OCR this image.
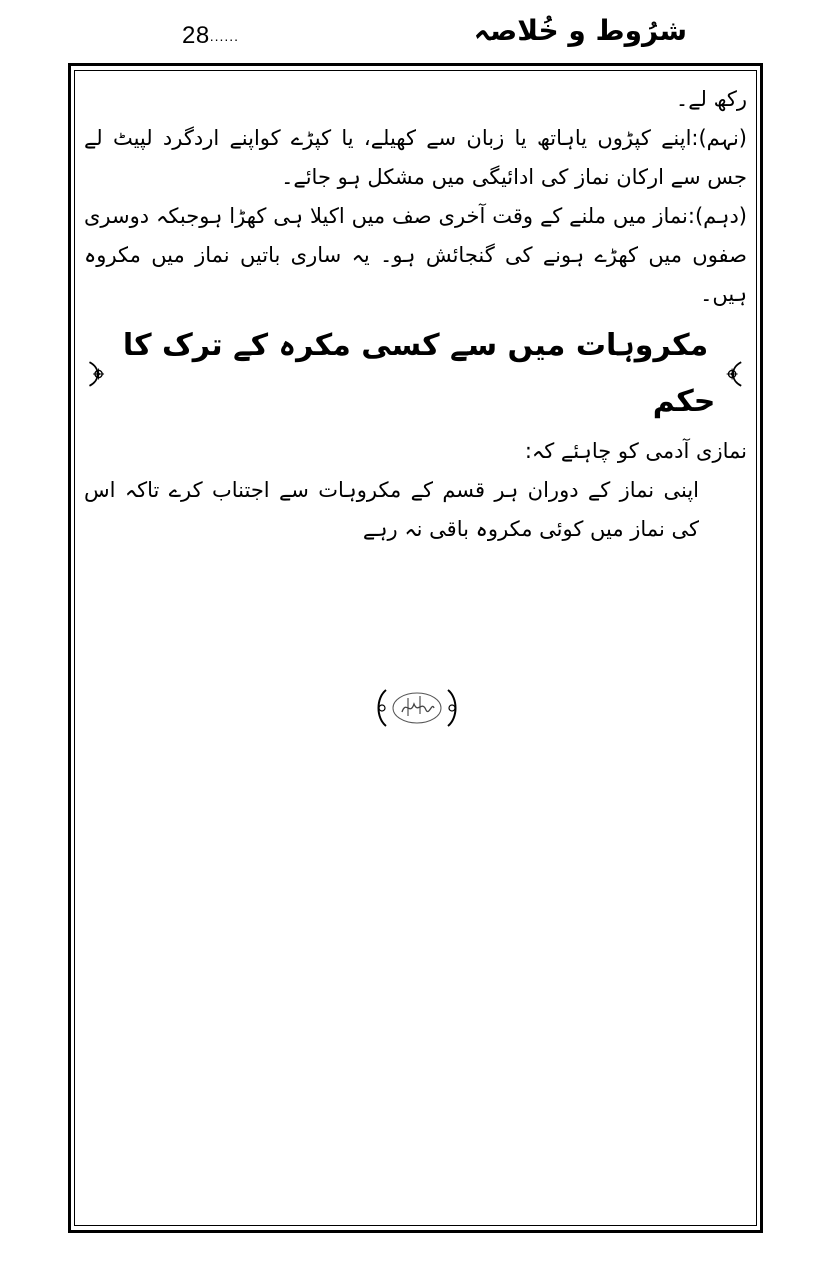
28......	شرُوط و خُلاصہ

رکھ لے۔

(نہم):اپنے کپڑوں یاہاتھ یا زبان سے کھیلے، یا کپڑے کواپنے اردگرد لپیٹ لے جس سے ارکان نماز کی ادائیگی میں مشکل ہو جائے۔

(دہم):نماز میں ملنے کے وقت آخری صف میں اکیلا ہی کھڑا ہوجبکہ دوسری صفوں میں کھڑے ہونے کی گنجائش ہو۔ یہ ساری باتیں نماز میں مکروہ ہیں۔

مکروہات میں سے کسی مکرہ کے ترک کا حکم

نمازی آدمی کو چاہئے کہ:

اپنی نماز کے دوران ہر قسم کے مکروہات سے اجتناب کرے تاکہ اس کی نماز میں کوئی مکروہ باقی نہ رہے
